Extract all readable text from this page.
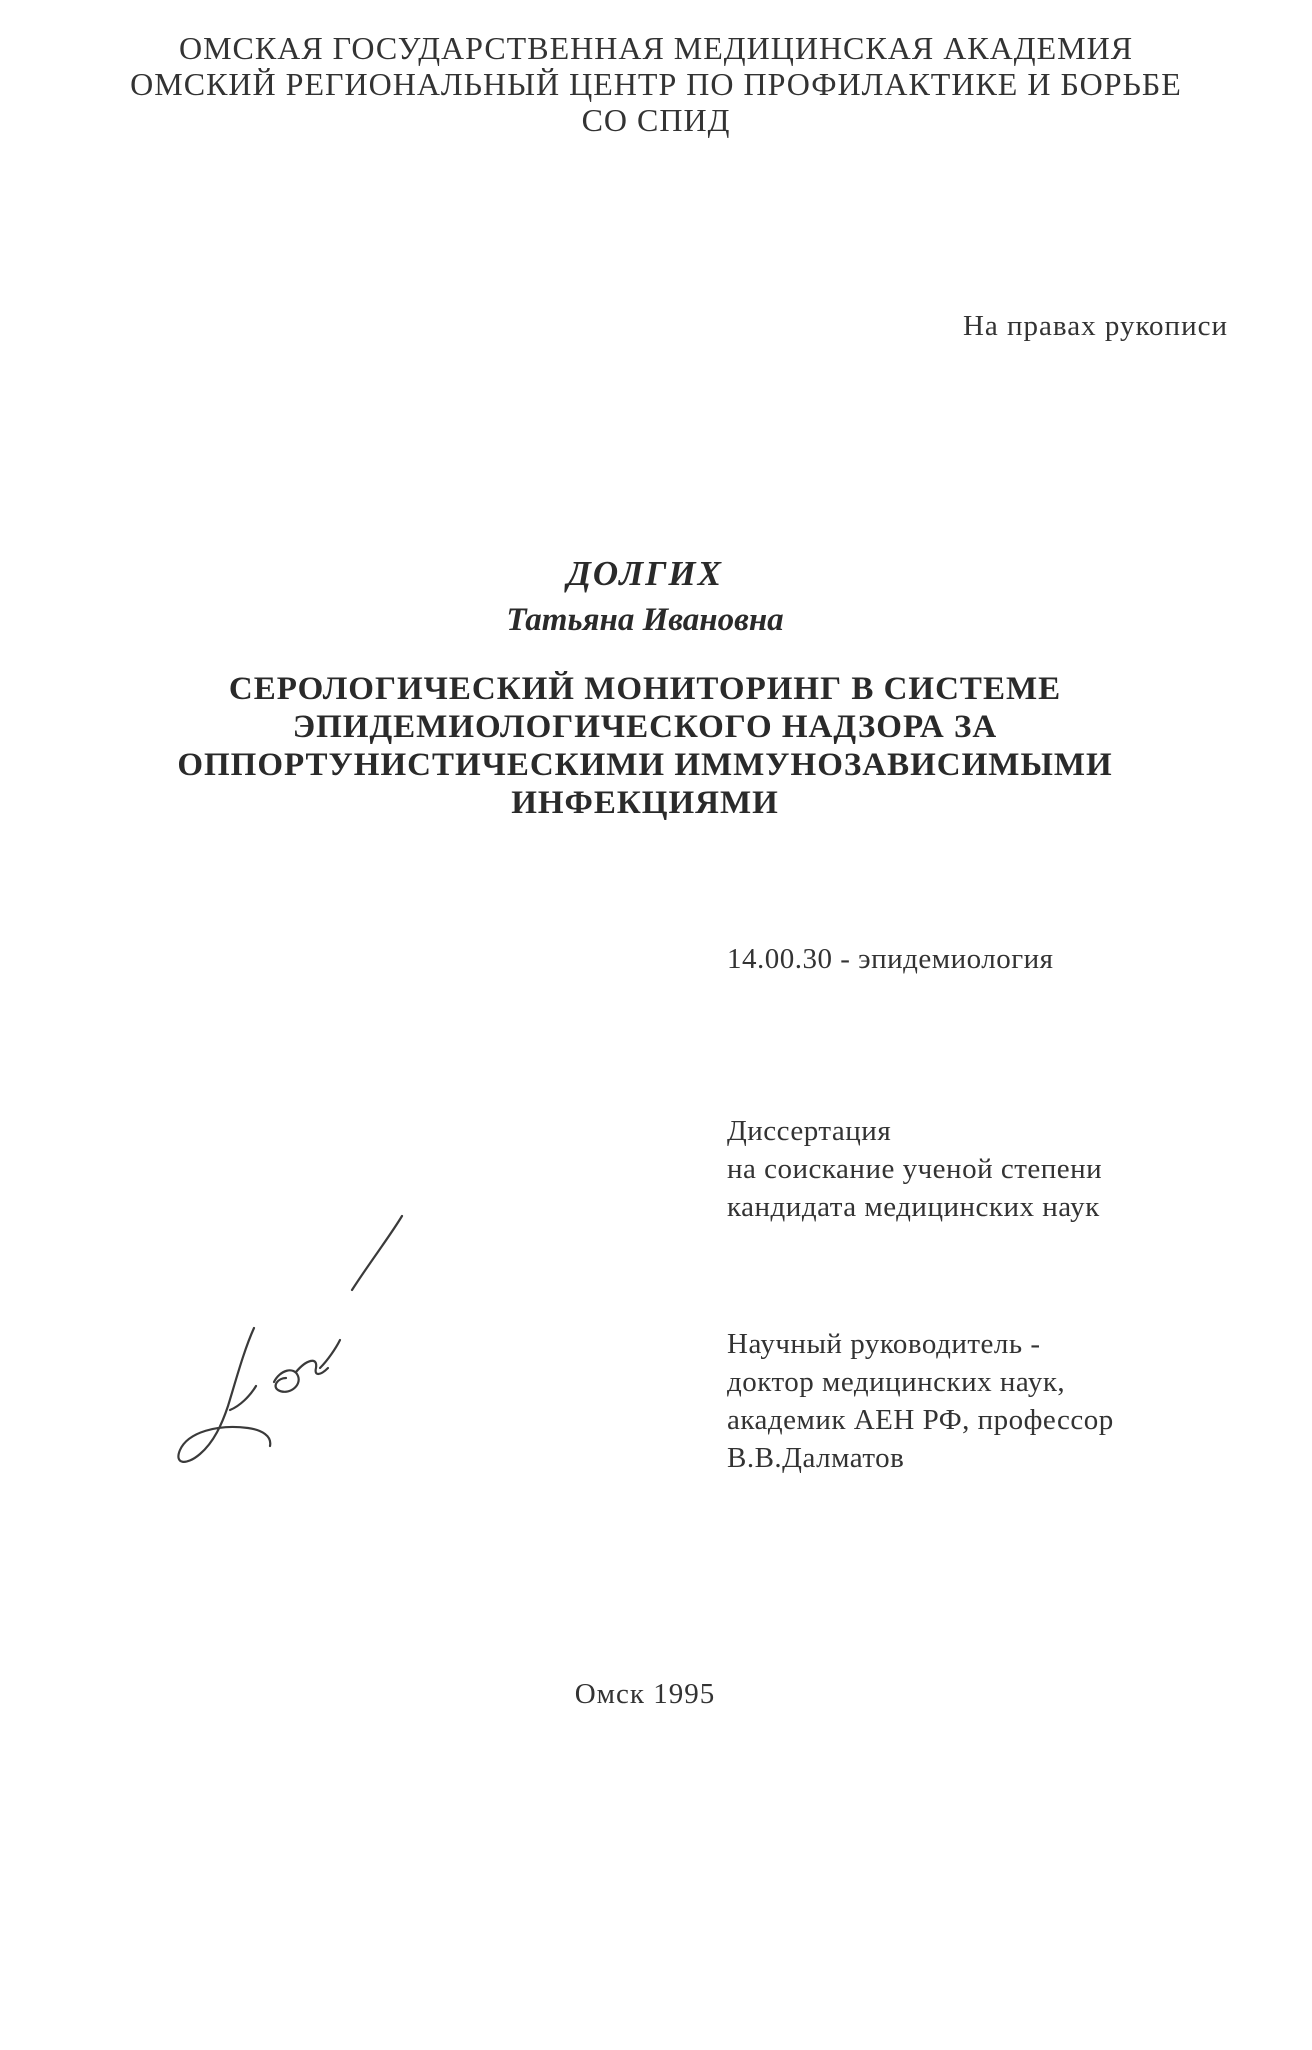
ОМСКАЯ ГОСУДАРСТВЕННАЯ МЕДИЦИНСКАЯ АКАДЕМИЯ
ОМСКИЙ РЕГИОНАЛЬНЫЙ ЦЕНТР ПО ПРОФИЛАКТИКЕ И БОРЬБЕ
СО СПИД
На правах рукописи
ДОЛГИХ
Татьяна Ивановна
СЕРОЛОГИЧЕСКИЙ МОНИТОРИНГ В СИСТЕМЕ
ЭПИДЕМИОЛОГИЧЕСКОГО НАДЗОРА ЗА
ОППОРТУНИСТИЧЕСКИМИ ИММУНОЗАВИСИМЫМИ
ИНФЕКЦИЯМИ
14.00.30 - эпидемиология
Диссертация
на соискание ученой степени
кандидата медицинских наук
Научный руководитель -
доктор медицинских наук,
академик АЕН РФ, профессор
В.В.Далматов
Омск 1995
